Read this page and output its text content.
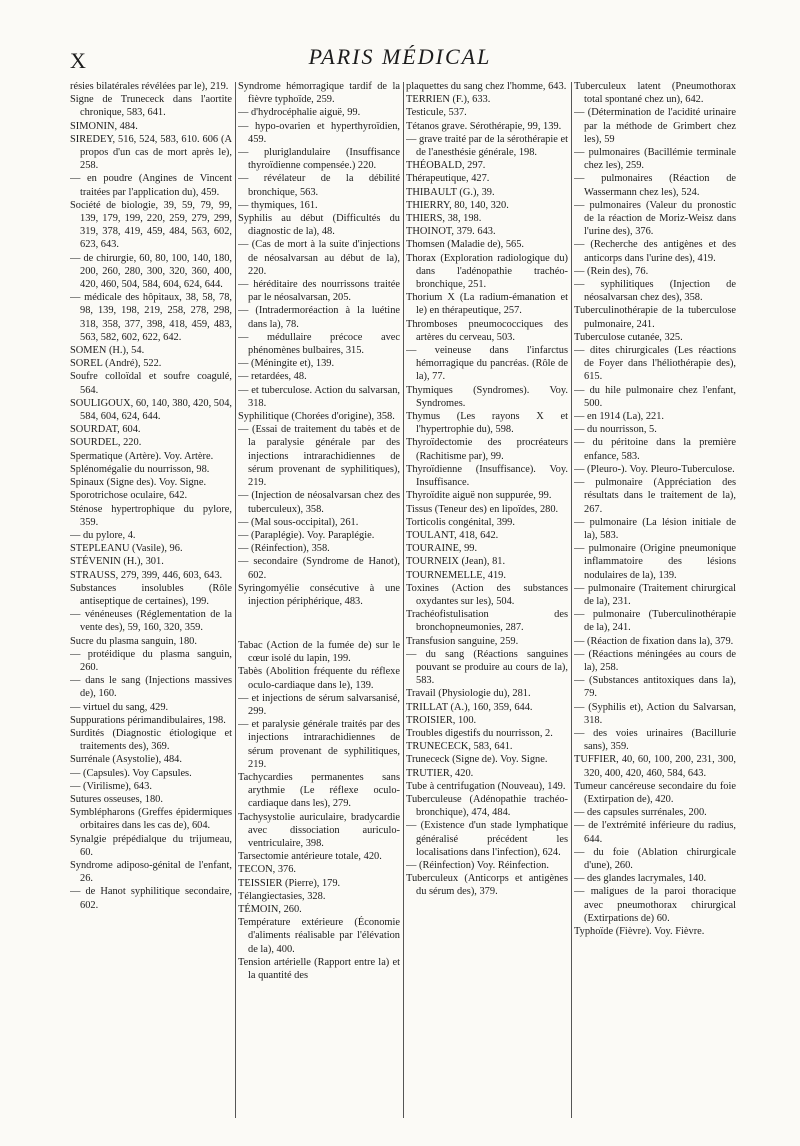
X	PARIS MÉDICAL

résies bilatérales révélées par le), 219.

Signe de Trunececk dans l'aortite chronique, 583, 641.

SIMONIN, 484.

SIREDEY, 516, 524, 583, 610. 606 (A propos d'un cas de mort après le), 258.

— en poudre (Angines de Vincent traitées par l'application du), 459.

Société de biologie, 39, 59, 79, 99, 139, 179, 199, 220, 259, 279, 299, 319, 378, 419, 459, 484, 563, 602, 623, 643.

— de chirurgie, 60, 80, 100, 140, 180, 200, 260, 280, 300, 320, 360, 400, 420, 460, 504, 584, 604, 624, 644.

— médicale des hôpitaux, 38, 58, 78, 98, 139, 198, 219, 258, 278, 298, 318, 358, 377, 398, 418, 459, 483, 563, 582, 602, 622, 642.

SOMEN (H.), 54.

SOREL (André), 522.

Soufre colloïdal et soufre coagulé, 564.

SOULIGOUX, 60, 140, 380, 420, 504, 584, 604, 624, 644.

SOURDAT, 604.

SOURDEL, 220.

Spermatique (Artère). Voy. Artère.

Splénomégalie du nourrisson, 98.

Spinaux (Signe des). Voy. Signe.

Sporotrichose oculaire, 642.

Sténose hypertrophique du pylore, 359.

— du pylore, 4.

STEPLEANU (Vasile), 96.

STÉVENIN (H.), 301.

STRAUSS, 279, 399, 446, 603, 643.

Substances insolubles (Rôle antiseptique de certaines), 199.

— vénéneuses (Réglementation de la vente des), 59, 160, 320, 359.

Sucre du plasma sanguin, 180.

— protéidique du plasma sanguin, 260.

— dans le sang (Injections massives de), 160.

— virtuel du sang, 429.

Suppurations périmandibulaires, 198.

Surdités (Diagnostic étiologique et traitements des), 369.

Surrénale (Asystolie), 484.

— (Capsules). Voy Capsules.

— (Virilisme), 643.

Sutures osseuses, 180.

Symblépharons (Greffes épidermiques orbitaires dans les cas de), 604.

Synalgie prépédialque du trijumeau, 60.

Syndrome adiposo-génital de l'enfant, 26.

— de Hanot syphilitique secondaire, 602.

Syndrome hémorragique tardif de la fièvre typhoïde, 259.

— d'hydrocéphalie aiguë, 99.

— hypo-ovarien et hyperthyroïdien, 459.

— pluriglandulaire (Insuffisance thyroïdienne compensée.) 220.

— révélateur de la débilité bronchique, 563.

— thymiques, 161.

Syphilis au début (Difficultés du diagnostic de la), 48.

— (Cas de mort à la suite d'injections de néosalvarsan au début de la), 220.

— héréditaire des nourrissons traitée par le néosalvarsan, 205.

— (Intradermoréaction à la luétine dans la), 78.

— médullaire précoce avec phénomènes bulbaires, 315.

— (Méningite et), 139.

— retardées, 48.

— et tuberculose. Action du salvarsan, 318.

Syphilitique (Chorées d'origine), 358.

— (Essai de traitement du tabès et de la paralysie générale par des injections intrarachidiennes de sérum provenant de syphilitiques), 219.

— (Injection de néosalvarsan chez des tuberculeux), 358.

— (Mal sous-occipital), 261.

— (Paraplégie). Voy. Paraplégie.

— (Réinfection), 358.

— secondaire (Syndrome de Hanot), 602.

Syringomyélie consécutive à une injection périphérique, 483.

Tabac (Action de la fumée de) sur le cœur isolé du lapin, 199.

Tabès (Abolition fréquente du réflexe oculo-cardiaque dans le), 139.

— et injections de sérum salvarsanisé, 299.

— et paralysie générale traités par des injections intrarachidiennes de sérum provenant de syphilitiques, 219.

Tachycardies permanentes sans arythmie (Le réflexe oculo-cardiaque dans les), 279.

Tachysystolie auriculaire, bradycardie avec dissociation auriculo-ventriculaire, 398.

Tarsectomie antérieure totale, 420.

TECON, 376.

TEISSIER (Pierre), 179.

Télangiectasies, 328.

TÉMOIN, 260.

Température extérieure (Économie d'aliments réalisable par l'élévation de la), 400.

Tension artérielle (Rapport entre la) et la quantité des

plaquettes du sang chez l'homme, 643.

TERRIEN (F.), 633.

Testicule, 537.

Tétanos grave. Sérothérapie, 99, 139.

— grave traité par de la sérothérapie et de l'anesthésie générale, 198.

THÉOBALD, 297.

Thérapeutique, 427.

THIBAULT (G.), 39.

THIERRY, 80, 140, 320.

THIERS, 38, 198.

THOINOT, 379. 643.

Thomsen (Maladie de), 565.

Thorax (Exploration radiologique du) dans l'adénopathie trachéo-bronchique, 251.

Thorium X (La radium-émanation et le) en thérapeutique, 257.

Thromboses pneumococciques des artères du cerveau, 503.

— veineuse dans l'infarctus hémorragique du pancréas. (Rôle de la), 77.

Thymiques (Syndromes). Voy. Syndromes.

Thymus (Les rayons X et l'hypertrophie du), 598.

Thyroïdectomie des procréateurs (Rachitisme par), 99.

Thyroïdienne (Insuffisance). Voy. Insuffisance.

Thyroïdite aiguë non suppurée, 99.

Tissus (Teneur des) en lipoïdes, 280.

Torticolis congénital, 399.

TOULANT, 418, 642.

TOURAINE, 99.

TOURNEIX (Jean), 81.

TOURNEMELLE, 419.

Toxines (Action des substances oxydantes sur les), 504.

Trachéofistulisation des bronchopneumonies, 287.

Transfusion sanguine, 259.

— du sang (Réactions sanguines pouvant se produire au cours de la), 583.

Travail (Physiologie du), 281.

TRILLAT (A.), 160, 359, 644.

TROISIER, 100.

Troubles digestifs du nourrisson, 2.

TRUNECECK, 583, 641.

Trunececk (Signe de). Voy. Signe.

TRUTIER, 420.

Tube à centrifugation (Nouveau), 149.

Tuberculeuse (Adénopathie trachéo-bronchique), 474, 484.

— (Existence d'un stade lymphatique généralisé précédent les localisations dans l'infection), 624.

— (Réinfection) Voy. Réinfection.

Tuberculeux (Anticorps et antigènes du sérum des), 379.

Tuberculeux latent (Pneumothorax total spontané chez un), 642.

— (Détermination de l'acidité urinaire par la méthode de Grimbert chez les), 59

— pulmonaires (Bacillémie terminale chez les), 259.

— pulmonaires (Réaction de Wassermann chez les), 524.

— pulmonaires (Valeur du pronostic de la réaction de Moriz-Weisz dans l'urine des), 376.

— (Recherche des antigènes et des anticorps dans l'urine des), 419.

— (Rein des), 76.

— syphilitiques (Injection de néosalvarsan chez des), 358.

Tuberculinothérapie de la tuberculose pulmonaire, 241.

Tuberculose cutanée, 325.

— dites chirurgicales (Les réactions de Foyer dans l'héliothérapie des), 615.

— du hile pulmonaire chez l'enfant, 500.

— en 1914 (La), 221.

— du nourrisson, 5.

— du péritoine dans la première enfance, 583.

— (Pleuro-). Voy. Pleuro-Tuberculose.

— pulmonaire (Appréciation des résultats dans le traitement de la), 267.

— pulmonaire (La lésion initiale de la), 583.

— pulmonaire (Origine pneumonique inflammatoire des lésions nodulaires de la), 139.

— pulmonaire (Traitement chirurgical de la), 231.

— pulmonaire (Tuberculinothérapie de la), 241.

— (Réaction de fixation dans la), 379.

— (Réactions méningées au cours de la), 258.

— (Substances antitoxiques dans la), 79.

— (Syphilis et), Action du Salvarsan, 318.

— des voies urinaires (Bacillurie sans), 359.

TUFFIER, 40, 60, 100, 200, 231, 300, 320, 400, 420, 460, 584, 643.

Tumeur cancéreuse secondaire du foie (Extirpation de), 420.

— des capsules surrénales, 200.

— de l'extrémité inférieure du radius, 644.

— du foie (Ablation chirurgicale d'une), 260.

— des glandes lacrymales, 140.

— maligues de la paroi thoracique avec pneumothorax chirurgical (Extirpations de) 60.

Typhoïde (Fièvre). Voy. Fièvre.
